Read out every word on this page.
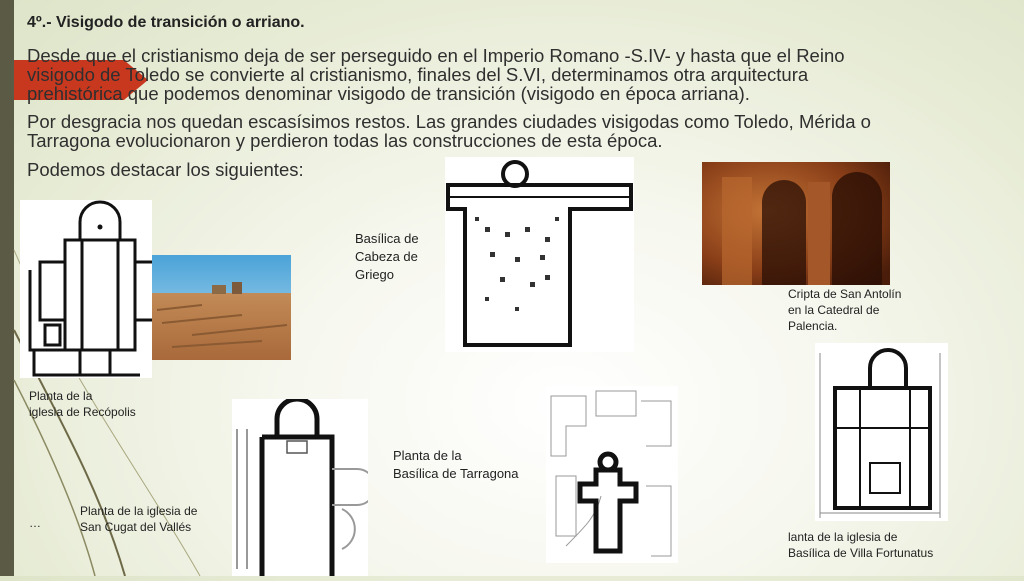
4º.- Visigodo de transición o arriano.
Desde que el cristianismo deja de ser perseguido en el Imperio Romano -S.IV- y hasta que el Reino
visigodo de Toledo se convierte al cristianismo, finales del S.VI, determinamos otra arquitectura
prehistórica que podemos denominar visigodo de transición (visigodo en época arriana).
Por desgracia nos quedan escasísimos restos. Las grandes ciudades visigodas como Toledo, Mérida o
Tarragona evolucionaron y perdieron todas las construcciones de esta época.
Podemos destacar los siguientes:
Basílica de
Cabeza de
Griego
Cripta de San Antolín
en la Catedral de
Palencia.
Planta de la
iglesia de Recópolis
Planta de la
Basílica de Tarragona
…
Planta de la iglesia de
San Cugat del Vallés
lanta de la iglesia de
Basílica de Villa Fortunatus
